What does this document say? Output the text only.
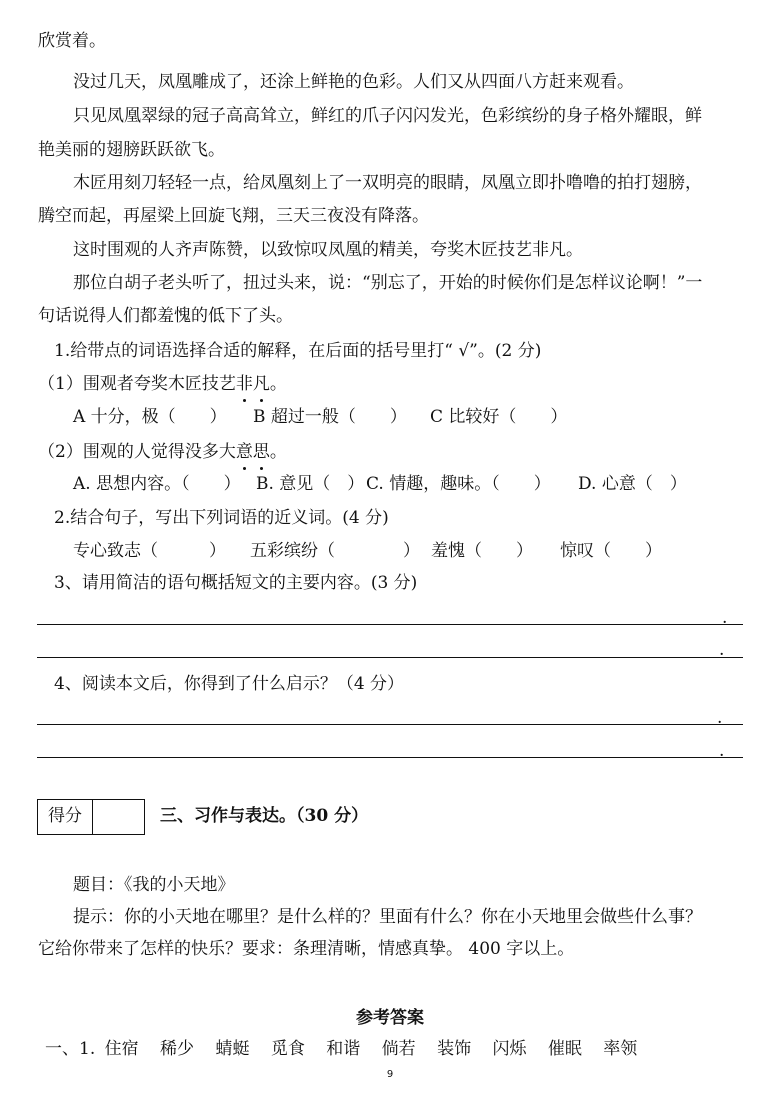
欣赏着。
没过几天，凤凰雕成了，还涂上鲜艳的色彩。人们又从四面八方赶来观看。
只见凤凰翠绿的冠子高高耸立，鲜红的爪子闪闪发光，色彩缤纷的身子格外耀眼，鲜
艳美丽的翅膀跃跃欲飞。
木匠用刻刀轻轻一点，给凤凰刻上了一双明亮的眼睛，凤凰立即扑噜噜的拍打翅膀，
腾空而起，再屋梁上回旋飞翔，三天三夜没有降落。
这时围观的人齐声陈赞，以致惊叹凤凰的精美，夸奖木匠技艺非凡。
那位白胡子老头听了，扭过头来，说：“别忘了，开始的时候你们是怎样议论啊！”一
句话说得人们都羞愧的低下了头。
1.给带点的词语选择合适的解释，在后面的括号里打“ √”。(2 分)
（1）围观者夸奖木匠技艺非凡。
A 十分，极（　　）	B 超过一般（　　）	C 比较好（　　）
（2）围观的人觉得没多大意思。
A. 思想内容。（　　） B. 意见（　） C. 情趣，趣味。（　　）	D. 心意（　）
2.结合句子，写出下列词语的近义词。(4 分)
专心致志（　　　）	五彩缤纷（　　　　） 羞愧（　　）	惊叹（　　）
3、请用简洁的语句概括短文的主要内容。(3 分)
.
.
4、阅读本文后，你得到了什么启示？（4 分）
.
.
得分	三、习作与表达。（30 分）
题目：《我的小天地》
提示：你的小天地在哪里？是什么样的？里面有什么？你在小天地里会做些什么事？
它给你带来了怎样的快乐？要求：条理清晰，情感真挚。 400 字以上。
参考答案
一、1. 住宿 稀少 蜻蜓 觅食 和谐 倘若 装饰 闪烁 催眠 率领
9
